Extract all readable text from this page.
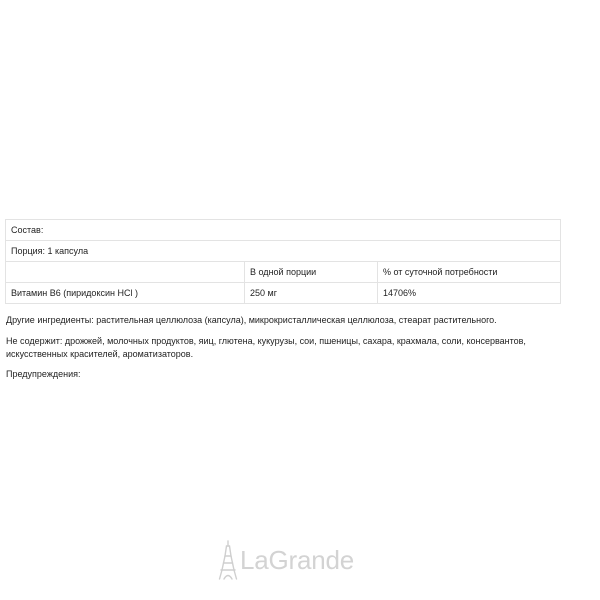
Состав:		
Порция: 1 капсула		
	В одной порции	% от суточной потребности
Витамин B6 (пиридоксин HCl )	250 мг	14706%
Другие ингредиенты: растительная целлюлоза (капсула), микрокристаллическая целлюлоза, стеарат растительного.
Не содержит: дрожжей, молочных продуктов, яиц, глютена, кукурузы, сои, пшеницы, сахара, крахмала, соли, консервантов, искусственных красителей, ароматизаторов.
Предупреждения:
LaGrande
